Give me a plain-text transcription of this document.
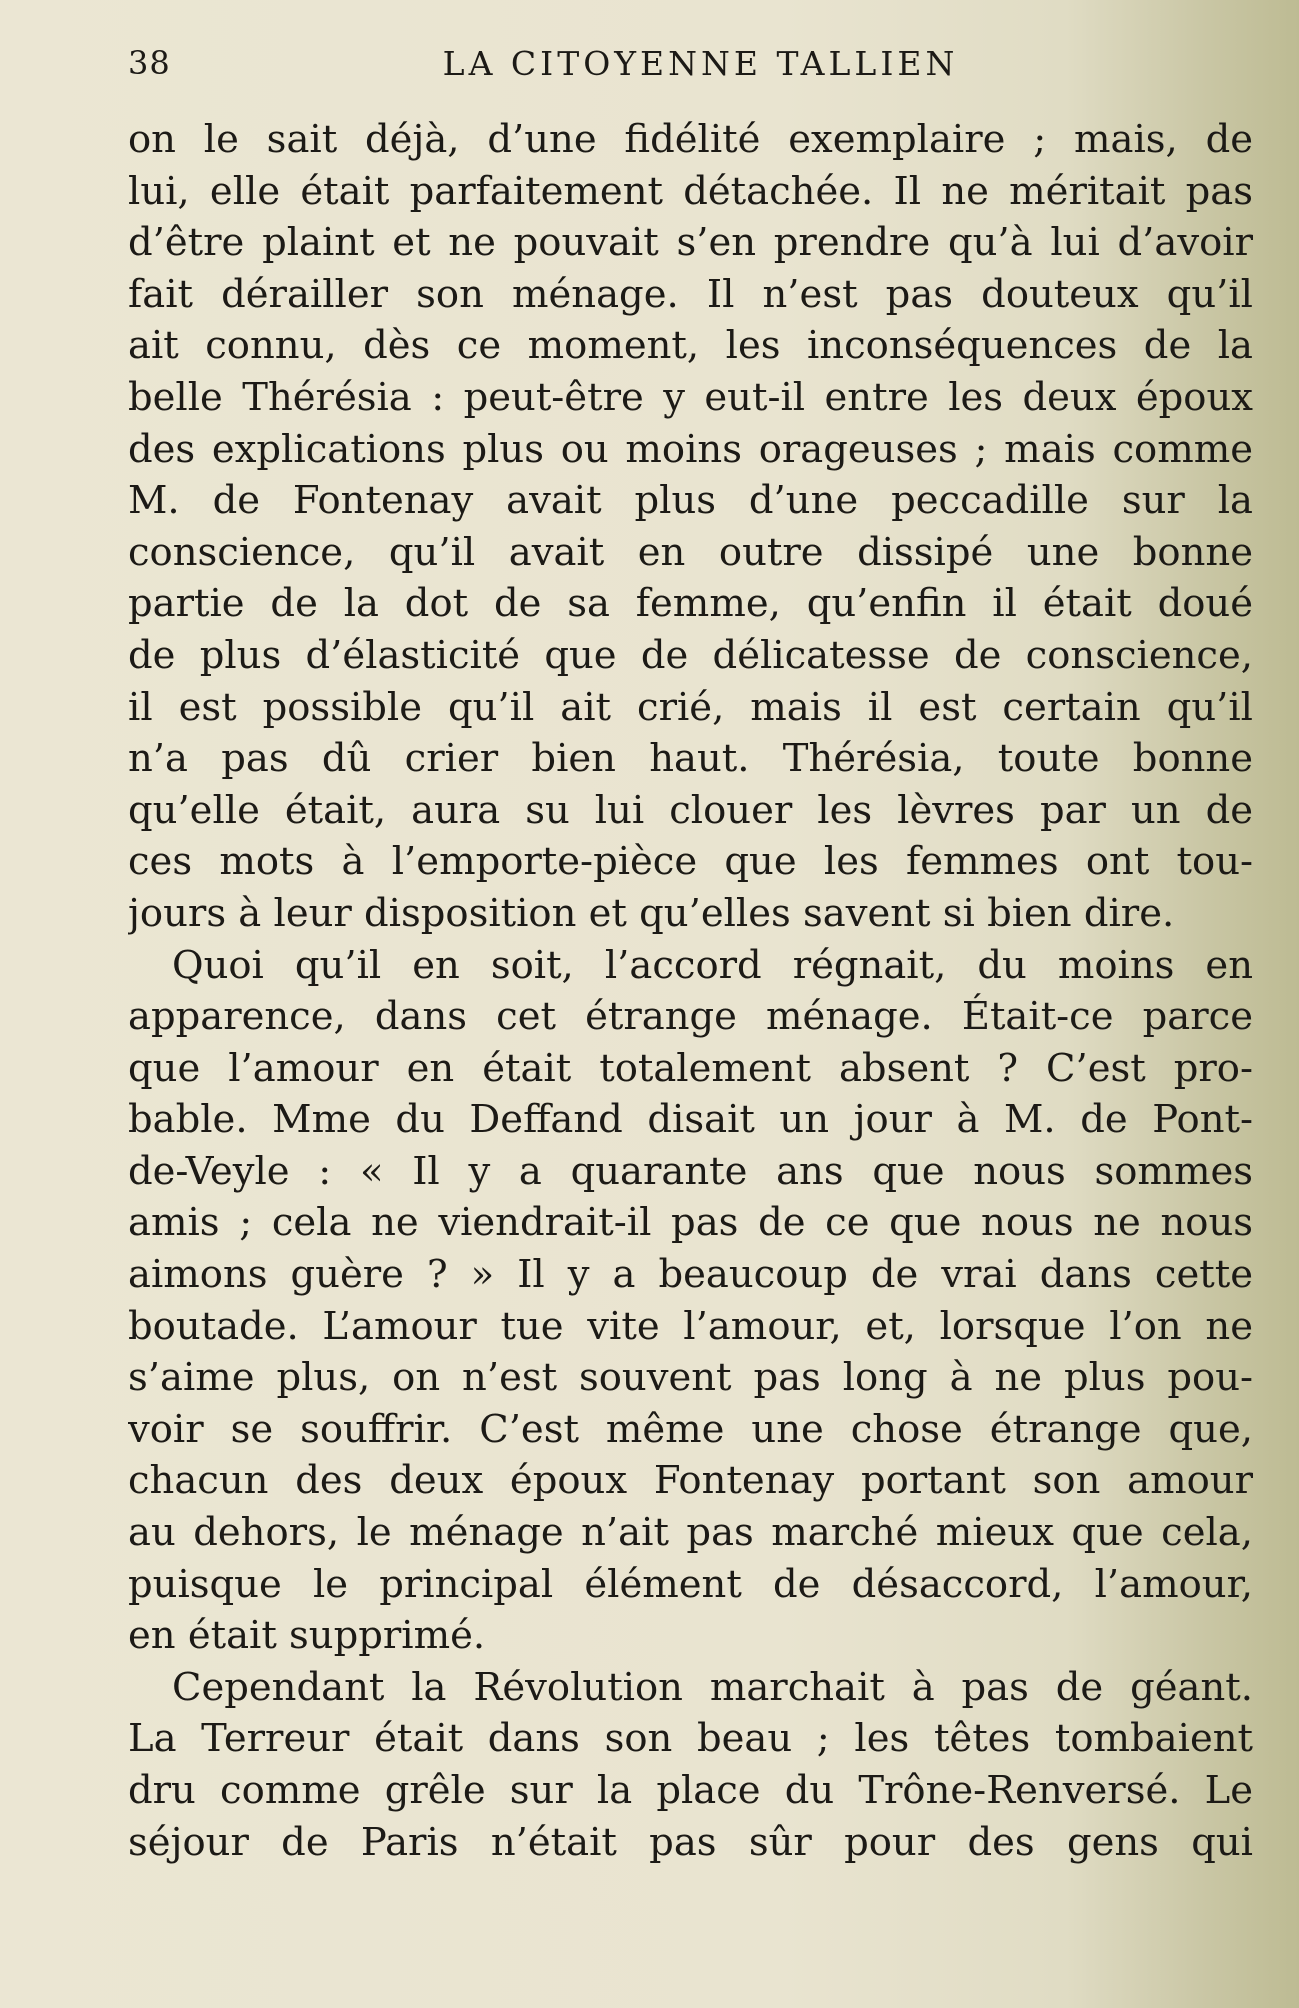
38	LA CITOYENNE TALLIEN
on le sait déjà, d’une fidélité exemplaire ; mais, de
lui, elle était parfaitement détachée. Il ne méritait pas
d’être plaint et ne pouvait s’en prendre qu’à lui d’avoir
fait dérailler son ménage. Il n’est pas douteux qu’il
ait connu, dès ce moment, les inconséquences de la
belle Thérésia : peut-être y eut-il entre les deux époux
des explications plus ou moins orageuses ; mais comme
M. de Fontenay avait plus d’une peccadille sur la
conscience, qu’il avait en outre dissipé une bonne
partie de la dot de sa femme, qu’enfin il était doué
de plus d’élasticité que de délicatesse de conscience,
il est possible qu’il ait crié, mais il est certain qu’il
n’a pas dû crier bien haut. Thérésia, toute bonne
qu’elle était, aura su lui clouer les lèvres par un de
ces mots à l’emporte-pièce que les femmes ont tou-
jours à leur disposition et qu’elles savent si bien dire.
Quoi qu’il en soit, l’accord régnait, du moins en
apparence, dans cet étrange ménage. Était-ce parce
que l’amour en était totalement absent ? C’est pro-
bable. Mme du Deffand disait un jour à M. de Pont-
de-Veyle : « Il y a quarante ans que nous sommes
amis ; cela ne viendrait-il pas de ce que nous ne nous
aimons guère ? » Il y a beaucoup de vrai dans cette
boutade. L’amour tue vite l’amour, et, lorsque l’on ne
s’aime plus, on n’est souvent pas long à ne plus pou-
voir se souffrir. C’est même une chose étrange que,
chacun des deux époux Fontenay portant son amour
au dehors, le ménage n’ait pas marché mieux que cela,
puisque le principal élément de désaccord, l’amour,
en était supprimé.
Cependant la Révolution marchait à pas de géant.
La Terreur était dans son beau ; les têtes tombaient
dru comme grêle sur la place du Trône-Renversé. Le
séjour de Paris n’était pas sûr pour des gens qui
